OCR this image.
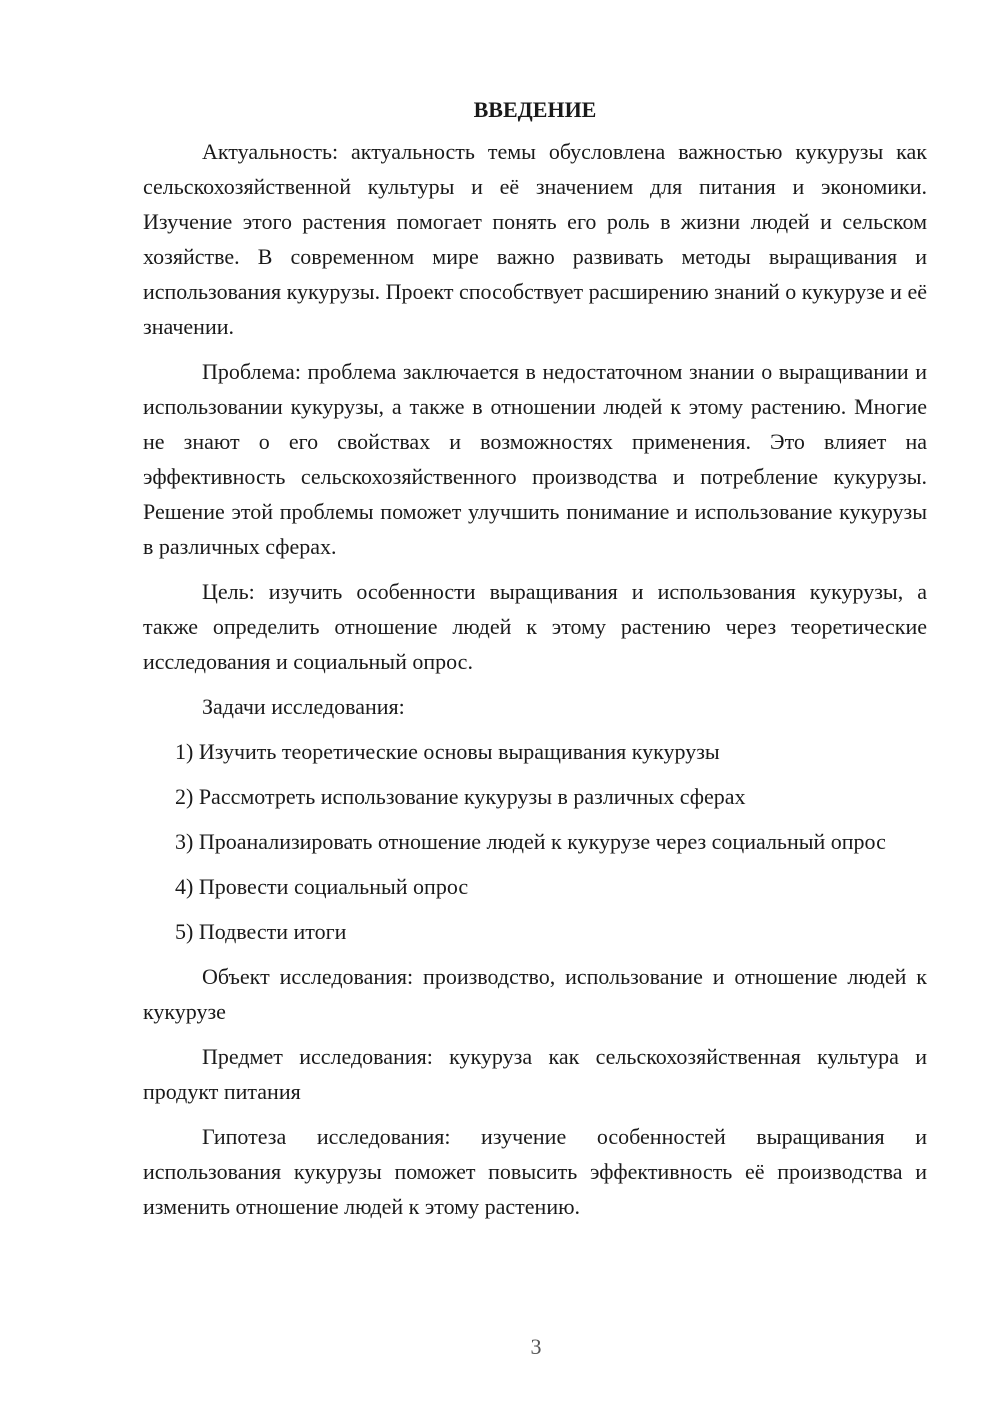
ВВЕДЕНИЕ

Актуальность: актуальность темы обусловлена важностью кукурузы как сельскохозяйственной культуры и её значением для питания и экономики. Изучение этого растения помогает понять его роль в жизни людей и сельском хозяйстве. В современном мире важно развивать методы выращивания и использования кукурузы. Проект способствует расширению знаний о кукурузе и её значении.

Проблема: проблема заключается в недостаточном знании о выращивании и использовании кукурузы, а также в отношении людей к этому растению. Многие не знают о его свойствах и возможностях применения. Это влияет на эффективность сельскохозяйственного производства и потребление кукурузы. Решение этой проблемы поможет улучшить понимание и использование кукурузы в различных сферах.

Цель: изучить особенности выращивания и использования кукурузы, а также определить отношение людей к этому растению через теоретические исследования и социальный опрос.

Задачи исследования:

1) Изучить теоретические основы выращивания кукурузы

2) Рассмотреть использование кукурузы в различных сферах

3) Проанализировать отношение людей к кукурузе через социальный опрос

4) Провести социальный опрос

5) Подвести итоги

Объект исследования: производство, использование и отношение людей к кукурузе

Предмет исследования: кукуруза как сельскохозяйственная культура и продукт питания

Гипотеза исследования: изучение особенностей выращивания и использования кукурузы поможет повысить эффективность её производства и изменить отношение людей к этому растению.

3
